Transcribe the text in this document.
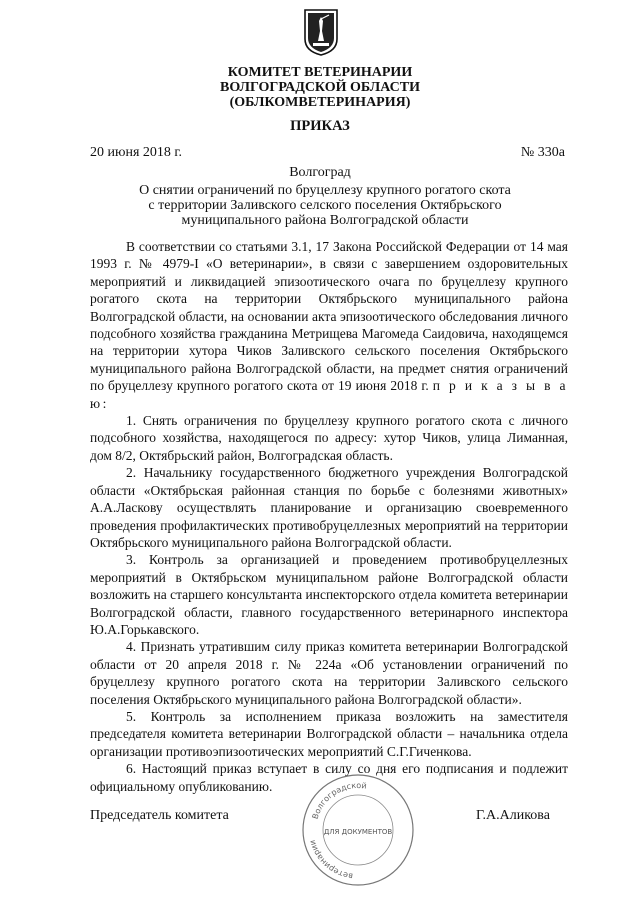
КОМИТЕТ ВЕТЕРИНАРИИ
ВОЛГОГРАДСКОЙ ОБЛАСТИ
(ОБЛКОМВЕТЕРИНАРИЯ)
ПРИКАЗ
20 июня 2018 г.	№ 330а
Волгоград
О снятии ограничений по бруцеллезу крупного рогатого скота
с территории Заливского селского поселения Октябрьского
муниципального района Волгоградской области

В соответствии со статьями 3.1, 17 Закона Российской Федерации от 14 мая 1993 г. № 4979-I «О ветеринарии», в связи с завершением оздоровительных мероприятий и ликвидацией эпизоотического очага по бруцеллезу крупного рогатого скота на территории Октябрьского муниципального района Волгоградской области, на основании акта эпизоотического обследования личного подсобного хозяйства гражданина Метрищева Магомеда Саидовича, находящемся на территории хутора Чиков Заливского сельского поселения Октябрьского муниципального района Волгоградской области, на предмет снятия ограничений по бруцеллезу крупного рогатого скота от 19 июня 2018 г. п р и к а з ы в а ю:

1. Снять ограничения по бруцеллезу крупного рогатого скота с личного подсобного хозяйства, находящегося по адресу: хутор Чиков, улица Лиманная, дом 8/2, Октябрьский район, Волгоградская область.

2. Начальнику государственного бюджетного учреждения Волгоградской области «Октябрьская районная станция по борьбе с болезнями животных» А.А.Ласкову осуществлять планирование и организацию своевременного проведения профилактических противобруцеллезных мероприятий на территории Октябрьского муниципального района Волгоградской области.

3. Контроль за организацией и проведением противобруцеллезных мероприятий в Октябрьском муниципальном районе Волгоградской области возложить на старшего консультанта инспекторского отдела комитета ветеринарии Волгоградской области, главного государственного ветеринарного инспектора Ю.А.Горькавского.

4. Признать утратившим силу приказ комитета ветеринарии Волгоградской области от 20 апреля 2018 г. № 224а «Об установлении ограничений по бруцеллезу крупного рогатого скота на территории Заливского сельского поселения Октябрьского муниципального района Волгоградской области».

5. Контроль за исполнением приказа возложить на заместителя председателя комитета ветеринарии Волгоградской области – начальника отдела организации противоэпизоотических мероприятий С.Г.Гиченкова.

6. Настоящий приказ вступает в силу со дня его подписания и подлежит официальному опубликованию.

Председатель комитета	Г.А.Аликова
Волгоградской
ветеринарии
ДЛЯ ДОКУМЕНТОВ
